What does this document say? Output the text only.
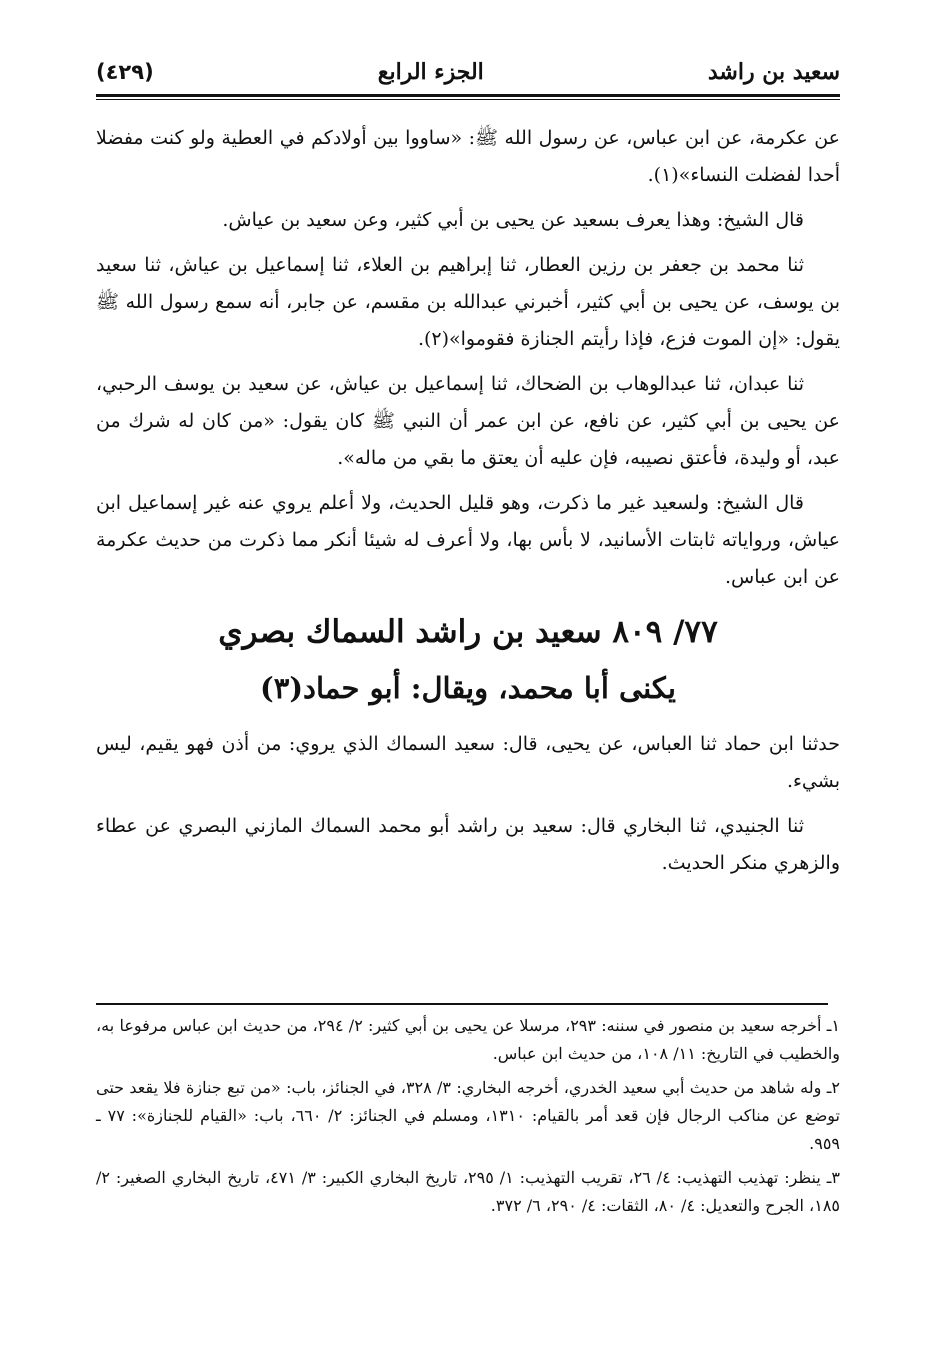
سعيد بن راشد
الجزء الرابع
(٤٢٩)

عن عكرمة، عن ابن عباس، عن رسول الله ﷺ: «ساووا بين أولادكم في العطية ولو كنت مفضلا أحدا لفضلت النساء»(١).

قال الشيخ: وهذا يعرف بسعيد عن يحيى بن أبي كثير، وعن سعيد بن عياش.

ثنا محمد بن جعفر بن رزين العطار، ثنا إبراهيم بن العلاء، ثنا إسماعيل بن عياش، ثنا سعيد بن يوسف، عن يحيى بن أبي كثير، أخبرني عبدالله بن مقسم، عن جابر، أنه سمع رسول الله ﷺ يقول: «إن الموت فزع، فإذا رأيتم الجنازة فقوموا»(٢).

ثنا عبدان، ثنا عبدالوهاب بن الضحاك، ثنا إسماعيل بن عياش، عن سعيد بن يوسف الرحبي، عن يحيى بن أبي كثير، عن نافع، عن ابن عمر أن النبي ﷺ كان يقول: «من كان له شرك من عبد، أو وليدة، فأعتق نصيبه، فإن عليه أن يعتق ما بقي من ماله».

قال الشيخ: ولسعيد غير ما ذكرت، وهو قليل الحديث، ولا أعلم يروي عنه غير إسماعيل ابن عياش، ورواياته ثابتات الأسانيد، لا بأس بها، ولا أعرف له شيئا أنكر مما ذكرت من حديث عكرمة عن ابن عباس.

٧٧/ ٨٠٩ سعيد بن راشد السماك بصري
يكنى أبا محمد، ويقال: أبو حماد(٣)

حدثنا ابن حماد ثنا العباس، عن يحيى، قال: سعيد السماك الذي يروي: من أذن فهو يقيم، ليس بشيء.

ثنا الجنيدي، ثنا البخاري قال: سعيد بن راشد أبو محمد السماك المازني البصري عن عطاء والزهري منكر الحديث.

١ـ أخرجه سعيد بن منصور في سننه: ٢٩٣، مرسلا عن يحيى بن أبي كثير: ٢/ ٢٩٤، من حديث ابن عباس مرفوعا به، والخطيب في التاريخ: ١١/ ١٠٨، من حديث ابن عباس.

٢ـ وله شاهد من حديث أبي سعيد الخدري، أخرجه البخاري: ٣/ ٣٢٨، في الجنائز، باب: «من تبع جنازة فلا يقعد حتى توضع عن مناكب الرجال فإن قعد أمر بالقيام: ١٣١٠، ومسلم في الجنائز: ٢/ ٦٦٠، باب: «القيام للجنازة»: ٧٧ ـ ٩٥٩.

٣ـ ينظر: تهذيب التهذيب: ٤/ ٢٦، تقريب التهذيب: ١/ ٢٩٥، تاريخ البخاري الكبير: ٣/ ٤٧١، تاريخ البخاري الصغير: ٢/ ١٨٥، الجرح والتعديل: ٤/ ٨٠، الثقات: ٤/ ٢٩٠، ٦/ ٣٧٢.
